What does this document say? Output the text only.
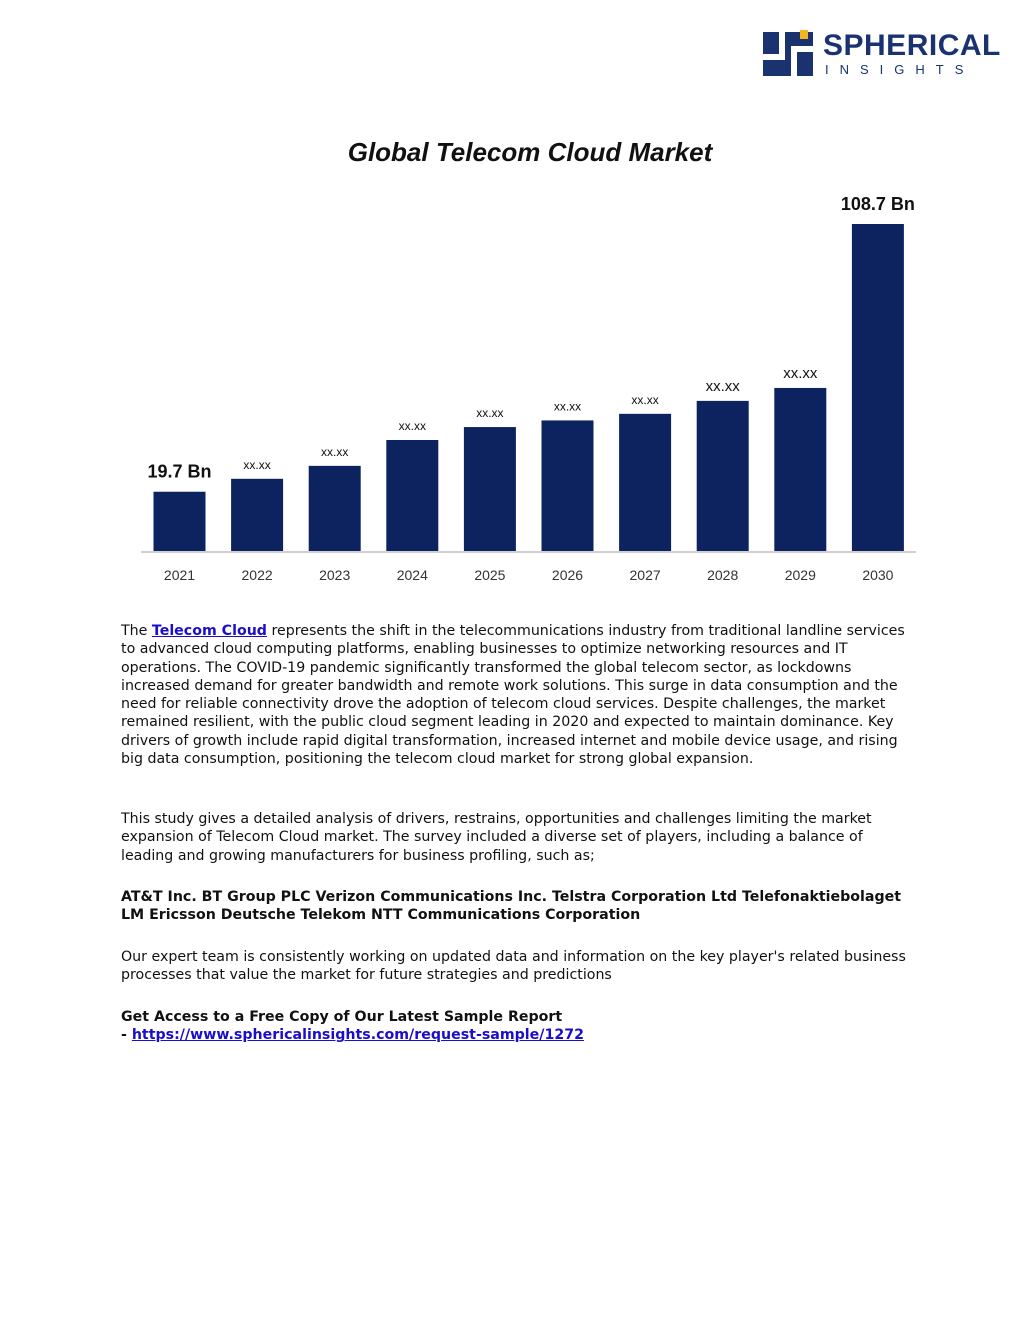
SPHERICAL
INSIGHTS
Global Telecom Cloud Market
19.7 Bn
2021
xx.xx
2022
xx.xx
2023
xx.xx
2024
xx.xx
2025
xx.xx
2026
xx.xx
2027
xx.xx
2028
xx.xx
2029
108.7 Bn
2030
The Telecom Cloud represents the shift in the telecommunications industry from traditional landline services to advanced cloud computing platforms, enabling businesses to optimize networking resources and IT operations. The COVID-19 pandemic significantly transformed the global telecom sector, as lockdowns increased demand for greater bandwidth and remote work solutions. This surge in data consumption and the need for reliable connectivity drove the adoption of telecom cloud services. Despite challenges, the market remained resilient, with the public cloud segment leading in 2020 and expected to maintain dominance. Key drivers of growth include rapid digital transformation, increased internet and mobile device usage, and rising big data consumption, positioning the telecom cloud market for strong global expansion.
This study gives a detailed analysis of drivers, restrains, opportunities and challenges limiting the market expansion of Telecom Cloud market. The survey included a diverse set of players, including a balance of leading and growing manufacturers for business profiling, such as;
AT&T Inc. BT Group PLC Verizon Communications Inc. Telstra Corporation Ltd Telefonaktiebolaget LM Ericsson Deutsche Telekom NTT Communications Corporation
Our expert team is consistently working on updated data and information on the key player's related business processes that value the market for future strategies and predictions
Get Access to a Free Copy of Our Latest Sample Report
- https://www.sphericalinsights.com/request-sample/1272
